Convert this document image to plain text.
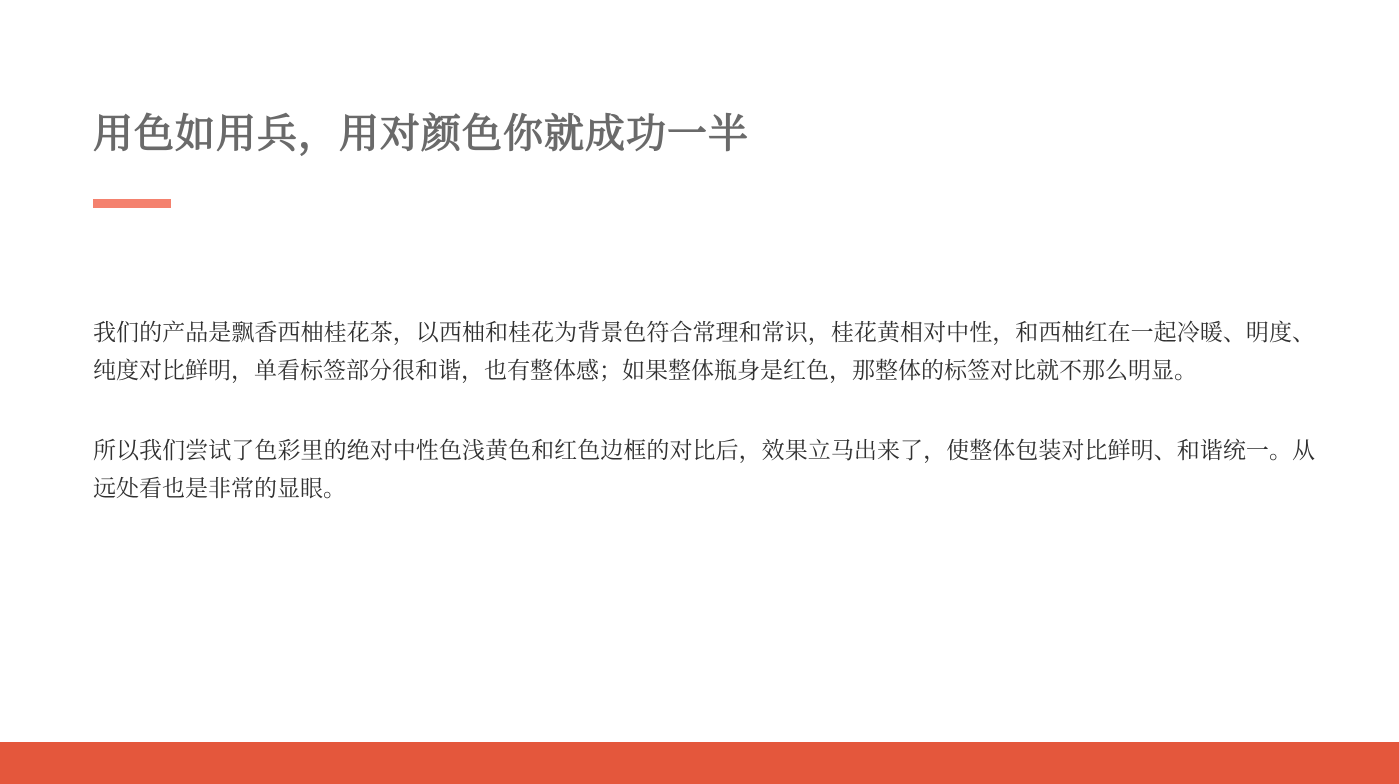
用色如用兵，用对颜色你就成功一半

我们的产品是飘香西柚桂花茶，以西柚和桂花为背景色符合常理和常识，桂花黄相对中性，和西柚红在一起冷暖、明度、纯度对比鲜明，单看标签部分很和谐，也有整体感；如果整体瓶身是红色，那整体的标签对比就不那么明显。

所以我们尝试了色彩里的绝对中性色浅黄色和红色边框的对比后，效果立马出来了，使整体包装对比鲜明、和谐统一。从远处看也是非常的显眼。
